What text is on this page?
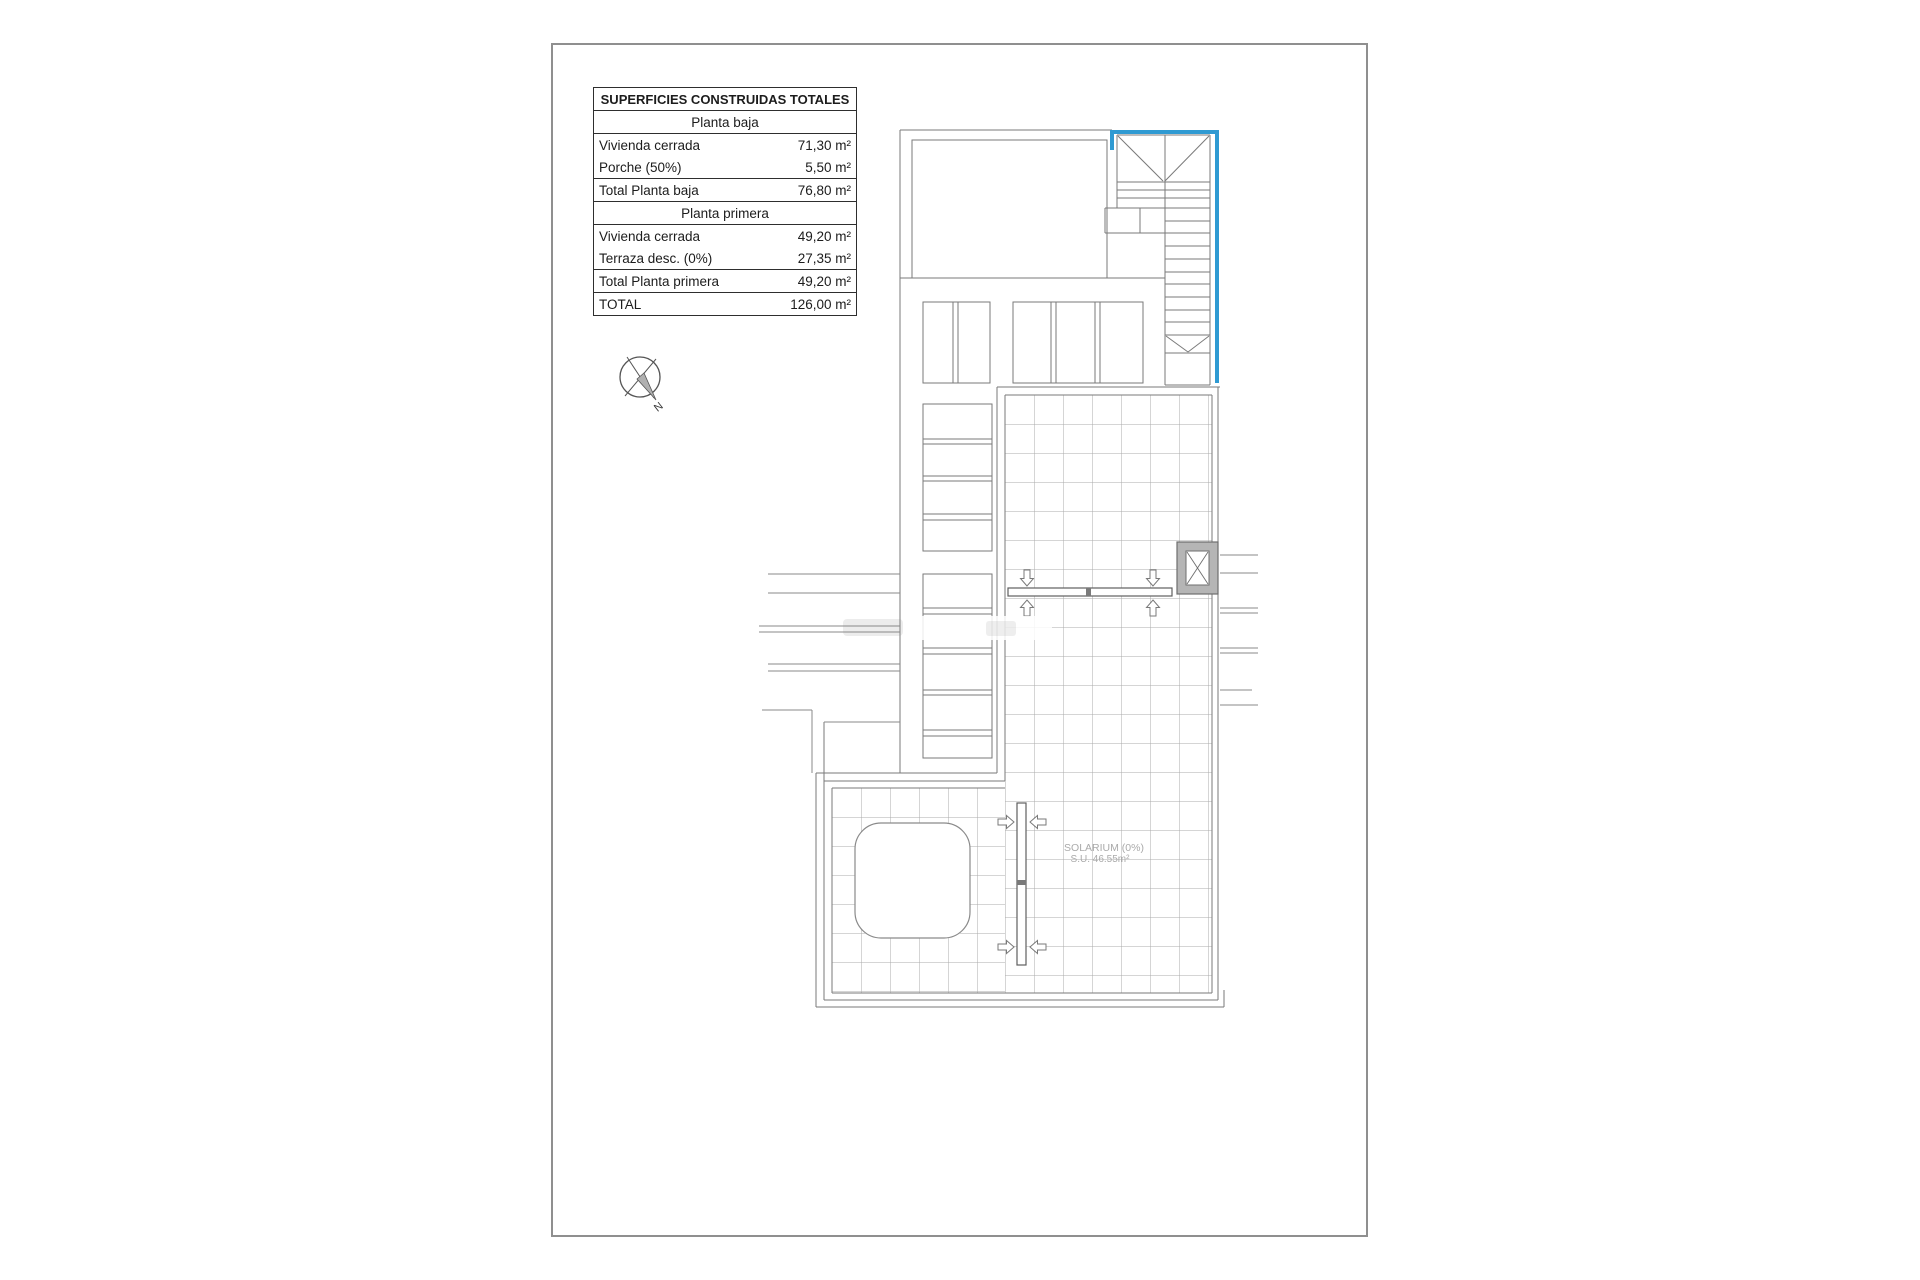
SUPERFICIES CONSTRUIDAS TOTALES
Planta baja
Vivienda cerrada	71,30 m²
Porche (50%)	5,50 m²
Total Planta baja	76,80 m²
Planta primera
Vivienda cerrada	49,20 m²
Terraza desc. (0%)	27,35 m²
Total Planta primera	49,20 m²
TOTAL	126,00 m²
SOLARIUM (0%)
S.U. 46.55m²
N
